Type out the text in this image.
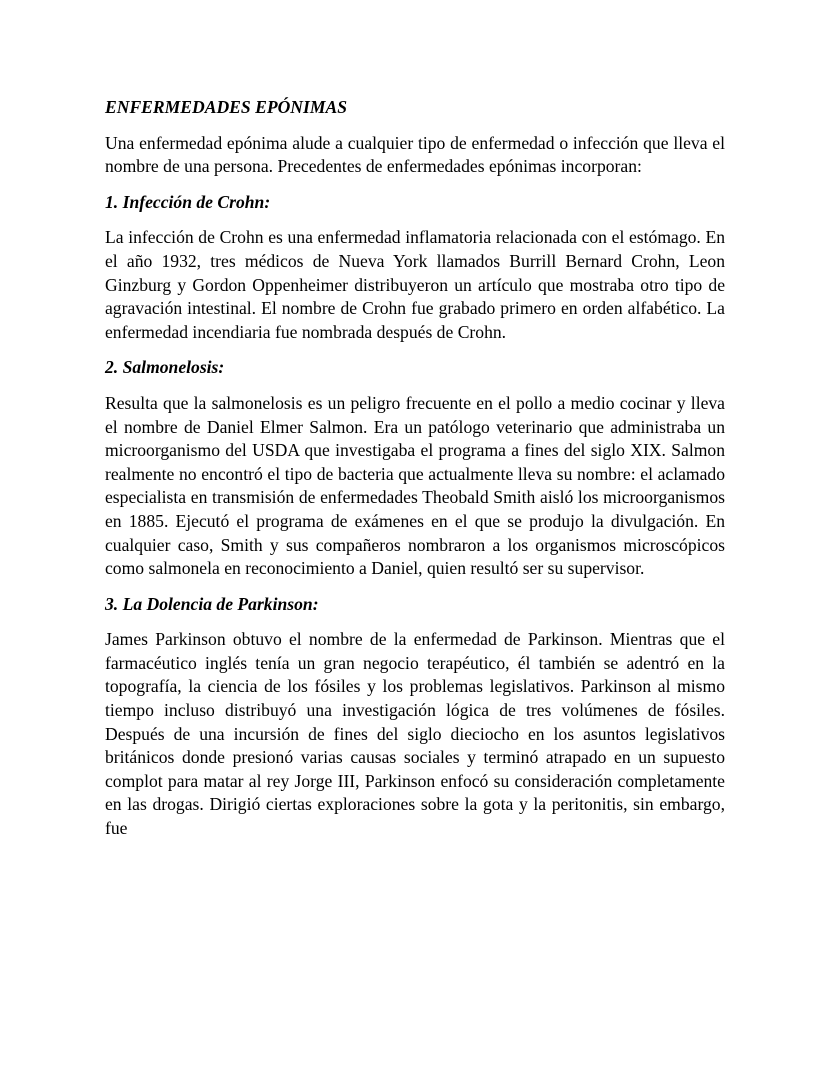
ENFERMEDADES EPÓNIMAS

Una enfermedad epónima alude a cualquier tipo de enfermedad o infección que lleva el nombre de una persona. Precedentes de enfermedades epónimas incorporan:

1. Infección de Crohn:

La infección de Crohn es una enfermedad inflamatoria relacionada con el estómago. En el año 1932, tres médicos de Nueva York llamados Burrill Bernard Crohn, Leon Ginzburg y Gordon Oppenheimer distribuyeron un artículo que mostraba otro tipo de agravación intestinal. El nombre de Crohn fue grabado primero en orden alfabético. La enfermedad incendiaria fue nombrada después de Crohn.

2. Salmonelosis:

Resulta que la salmonelosis es un peligro frecuente en el pollo a medio cocinar y lleva el nombre de Daniel Elmer Salmon. Era un patólogo veterinario que administraba un microorganismo del USDA que investigaba el programa a fines del siglo XIX. Salmon realmente no encontró el tipo de bacteria que actualmente lleva su nombre: el aclamado especialista en transmisión de enfermedades Theobald Smith aisló los microorganismos en 1885. Ejecutó el programa de exámenes en el que se produjo la divulgación. En cualquier caso, Smith y sus compañeros nombraron a los organismos microscópicos como salmonela en reconocimiento a Daniel, quien resultó ser su supervisor.

3. La Dolencia de Parkinson:

James Parkinson obtuvo el nombre de la enfermedad de Parkinson. Mientras que el farmacéutico inglés tenía un gran negocio terapéutico, él también se adentró en la topografía, la ciencia de los fósiles y los problemas legislativos. Parkinson al mismo tiempo incluso distribuyó una investigación lógica de tres volúmenes de fósiles. Después de una incursión de fines del siglo dieciocho en los asuntos legislativos británicos donde presionó varias causas sociales y terminó atrapado en un supuesto complot para matar al rey Jorge III, Parkinson enfocó su consideración completamente en las drogas. Dirigió ciertas exploraciones sobre la gota y la peritonitis, sin embargo, fue
